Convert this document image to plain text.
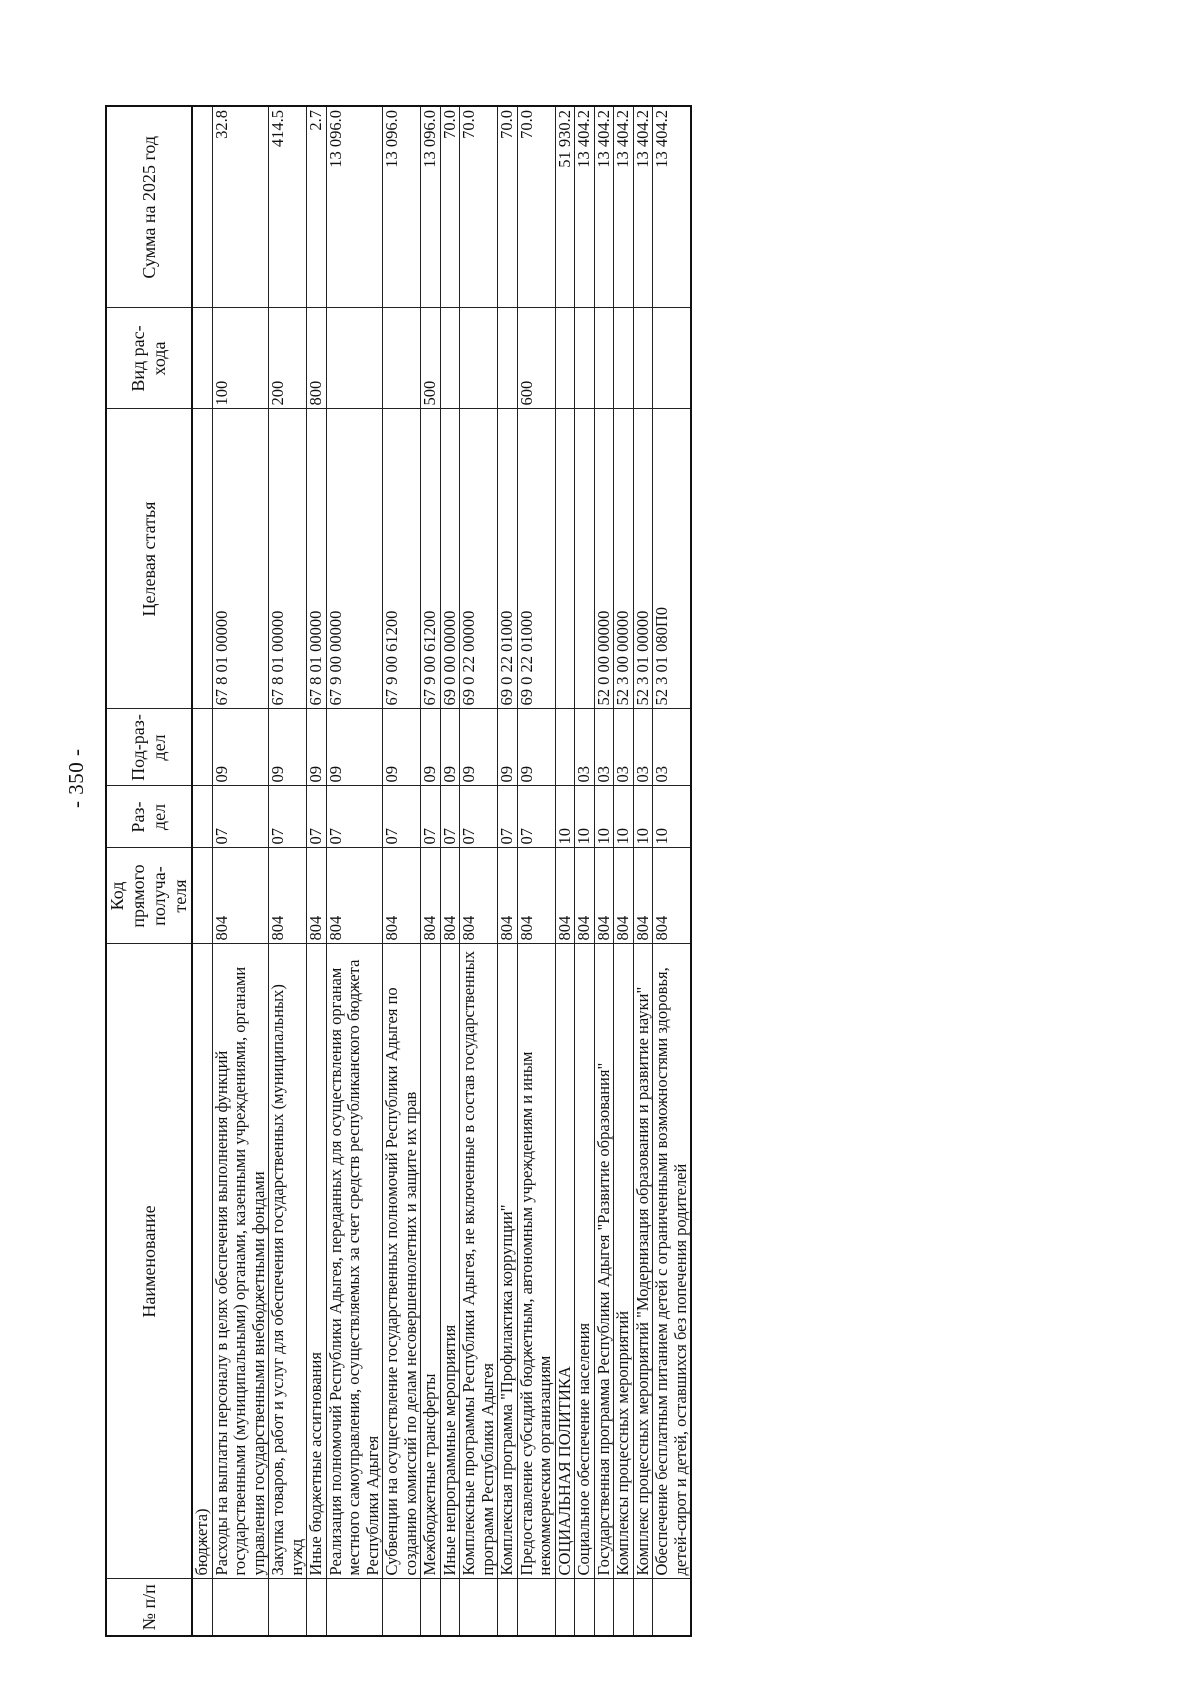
- 350 -
№ п/п	Наименование	Код прямого получа-теля	Раз-дел	Под-раз-дел	Целевая статья	Вид рас-хода	Сумма на 2025 год
	бюджета)						
	Расходы на выплаты персоналу в целях обеспечения выполнения функций государственными (муниципальными) органами, казенными учреждениями, органами управления государственными внебюджетными фондами	804	07	09	67 8 01 00000	100	32.8
	Закупка товаров, работ и услуг для обеспечения государственных (муниципальных) нужд	804	07	09	67 8 01 00000	200	414.5
	Иные бюджетные ассигнования	804	07	09	67 8 01 00000	800	2.7
	Реализация полномочий Республики Адыгея, переданных для осуществления органам местного самоуправления, осуществляемых за счет средств республиканского бюджета Республики Адыгея	804	07	09	67 9 00 00000		13 096.0
	Субвенции на осуществление государственных полномочий Республики Адыгея по созданию комиссий по делам несовершеннолетних и защите их прав	804	07	09	67 9 00 61200		13 096.0
	Межбюджетные трансферты	804	07	09	67 9 00 61200	500	13 096.0
	Иные непрограммные мероприятия	804	07	09	69 0 00 00000		70.0
	Комплексные программы Республики Адыгея, не включенные в состав государственных программ Республики Адыгея	804	07	09	69 0 22 00000		70.0
	Комплексная программа "Профилактика коррупции"	804	07	09	69 0 22 01000		70.0
	Предоставление субсидий бюджетным, автономным учреждениям и иным некоммерческим организациям	804	07	09	69 0 22 01000	600	70.0
	СОЦИАЛЬНАЯ ПОЛИТИКА	804	10				51 930.2
	Социальное обеспечение населения	804	10	03			13 404.2
	Государственная программа Республики Адыгея "Развитие образования"	804	10	03	52 0 00 00000		13 404.2
	Комплексы процессных мероприятий	804	10	03	52 3 00 00000		13 404.2
	Комплекс процессных мероприятий "Модернизация образования и развитие науки"	804	10	03	52 3 01 00000		13 404.2
	Обеспечение бесплатным питанием детей с ограниченными возможностями здоровья, детей-сирот и детей, оставшихся без попечения родителей	804	10	03	52 3 01 080П0		13 404.2
